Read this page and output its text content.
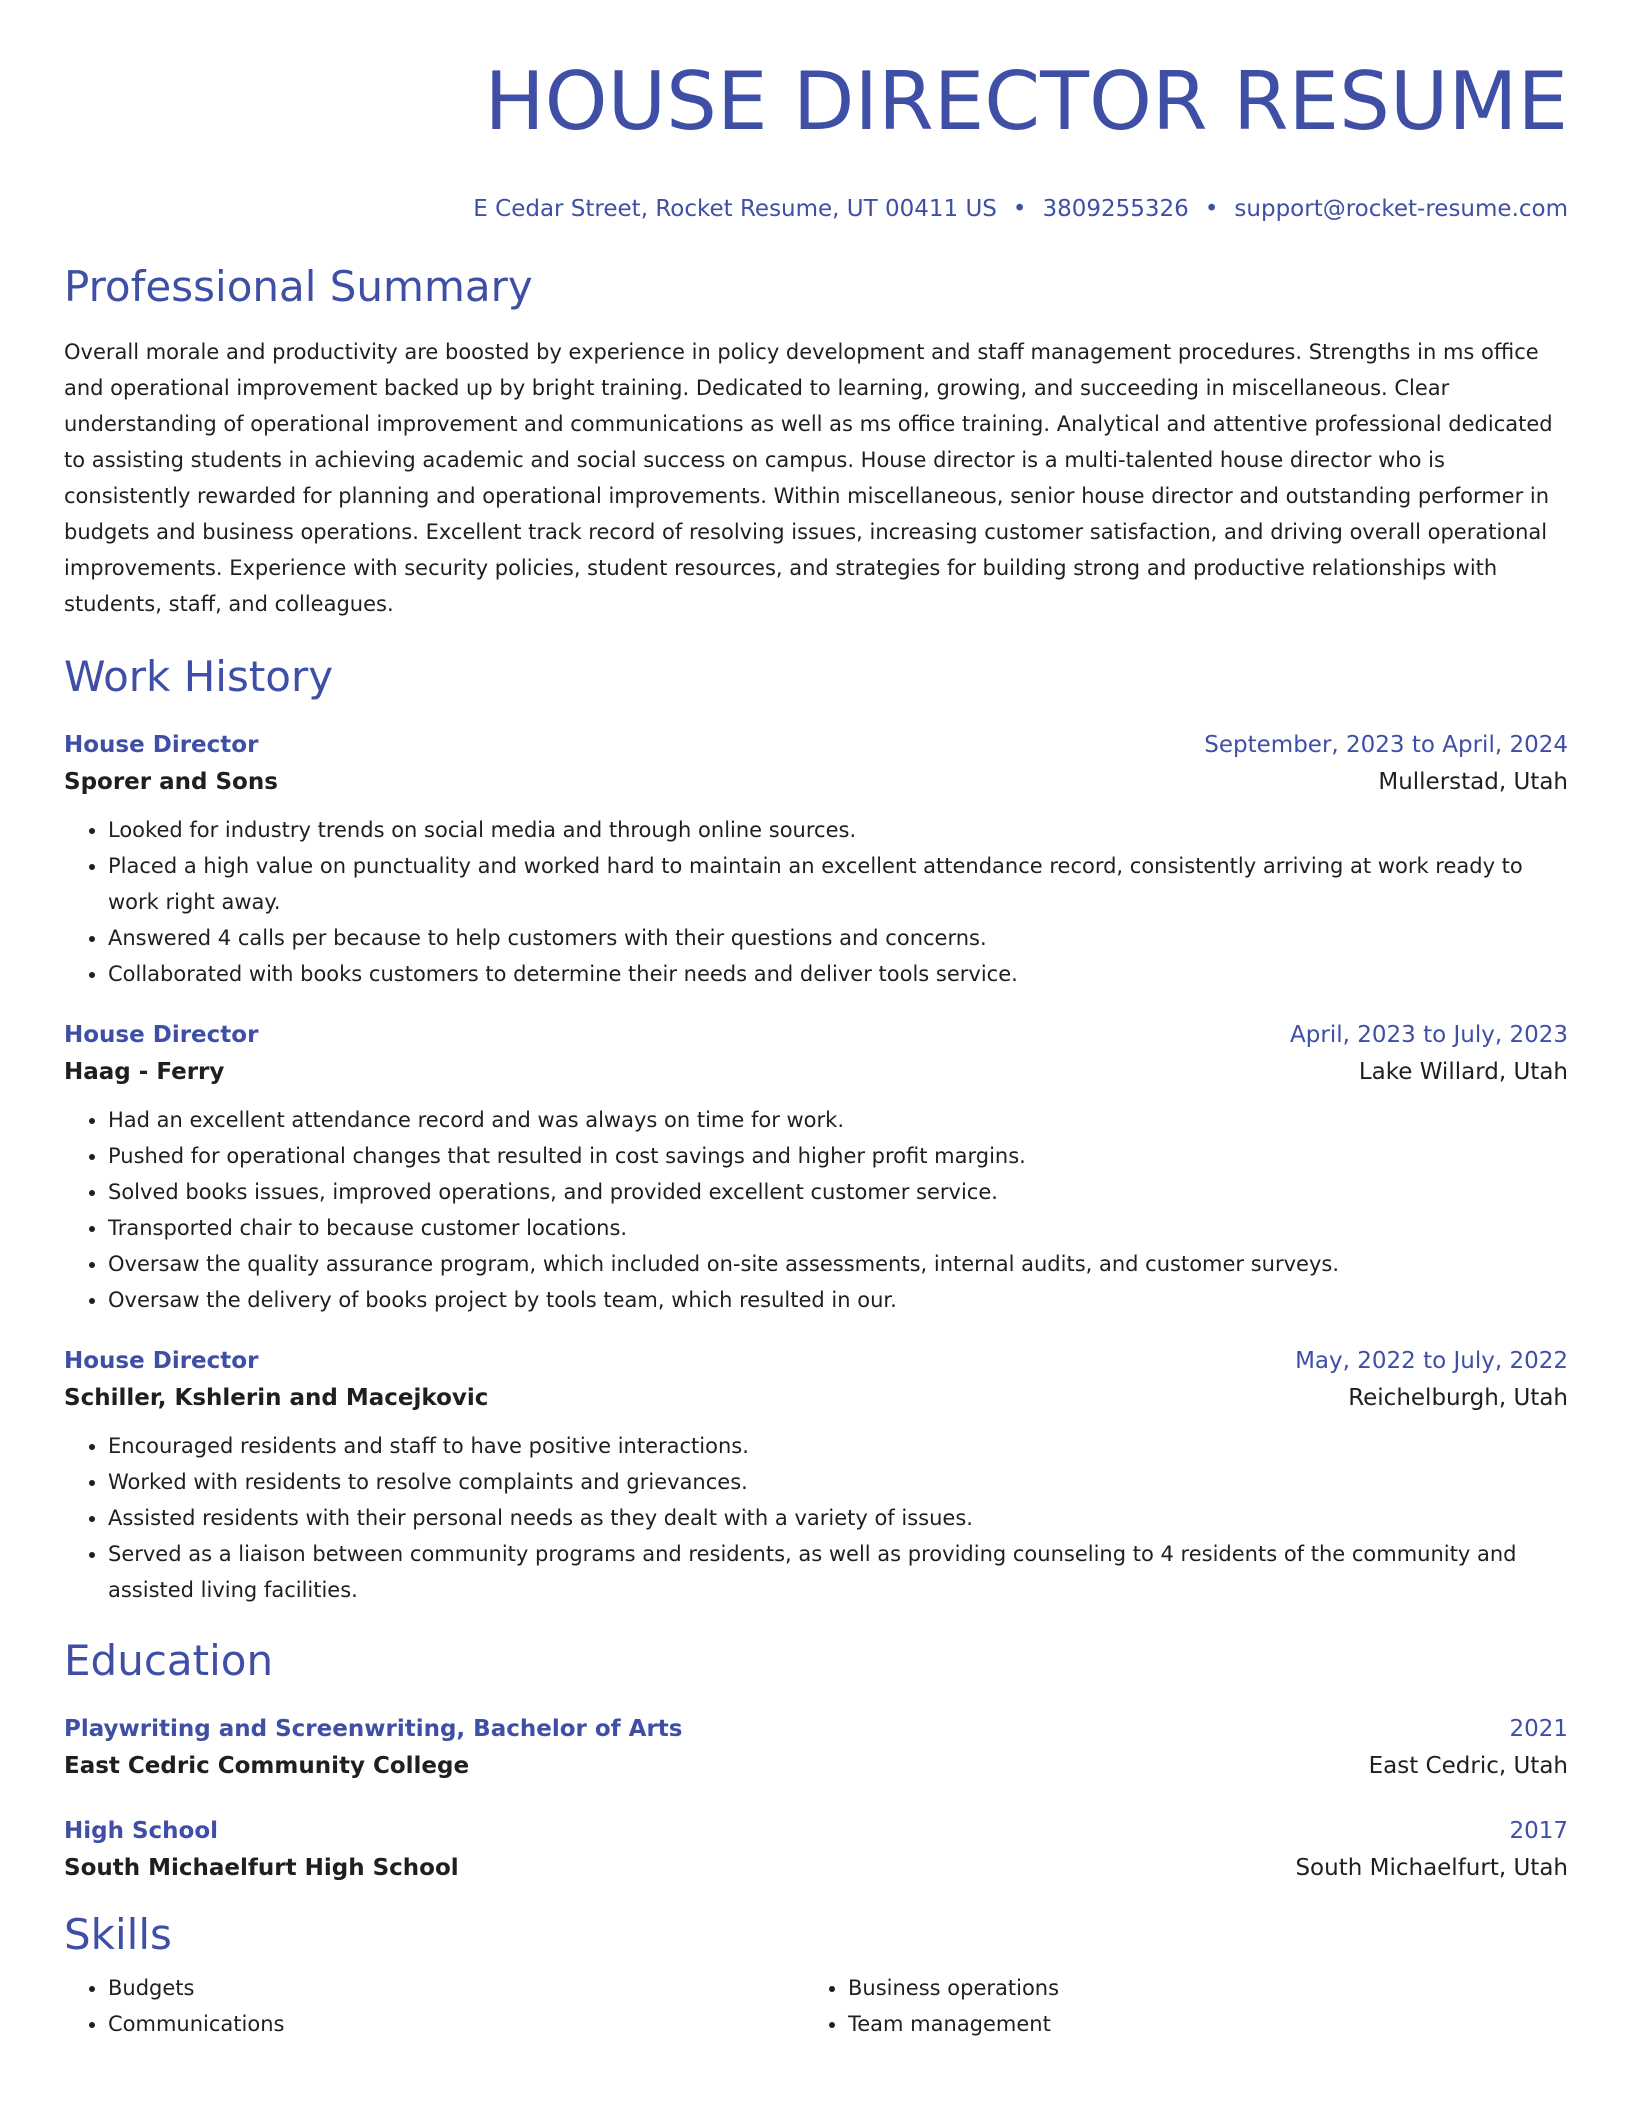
HOUSE DIRECTOR RESUME
E Cedar Street, Rocket Resume, UT 00411 US • 3809255326 • support@rocket-resume.com
Professional Summary
Overall morale and productivity are boosted by experience in policy development and staff management procedures. Strengths in ms office and operational improvement backed up by bright training. Dedicated to learning, growing, and succeeding in miscellaneous. Clear understanding of operational improvement and communications as well as ms office training. Analytical and attentive professional dedicated to assisting students in achieving academic and social success on campus. House director is a multi-talented house director who is consistently rewarded for planning and operational improvements. Within miscellaneous, senior house director and outstanding performer in budgets and business operations. Excellent track record of resolving issues, increasing customer satisfaction, and driving overall operational improvements. Experience with security policies, student resources, and strategies for building strong and productive relationships with students, staff, and colleagues.
Work History
House Director	September, 2023 to April, 2024
Sporer and Sons	Mullerstad, Utah
• Looked for industry trends on social media and through online sources.
• Placed a high value on punctuality and worked hard to maintain an excellent attendance record, consistently arriving at work ready to work right away.
• Answered 4 calls per because to help customers with their questions and concerns.
• Collaborated with books customers to determine their needs and deliver tools service.
House Director	April, 2023 to July, 2023
Haag - Ferry	Lake Willard, Utah
• Had an excellent attendance record and was always on time for work.
• Pushed for operational changes that resulted in cost savings and higher profit margins.
• Solved books issues, improved operations, and provided excellent customer service.
• Transported chair to because customer locations.
• Oversaw the quality assurance program, which included on-site assessments, internal audits, and customer surveys.
• Oversaw the delivery of books project by tools team, which resulted in our.
House Director	May, 2022 to July, 2022
Schiller, Kshlerin and Macejkovic	Reichelburgh, Utah
• Encouraged residents and staff to have positive interactions.
• Worked with residents to resolve complaints and grievances.
• Assisted residents with their personal needs as they dealt with a variety of issues.
• Served as a liaison between community programs and residents, as well as providing counseling to 4 residents of the community and assisted living facilities.
Education
Playwriting and Screenwriting, Bachelor of Arts	2021
East Cedric Community College	East Cedric, Utah
High School	2017
South Michaelfurt High School	South Michaelfurt, Utah
Skills
• Budgets
• Communications
• Business operations
• Team management
